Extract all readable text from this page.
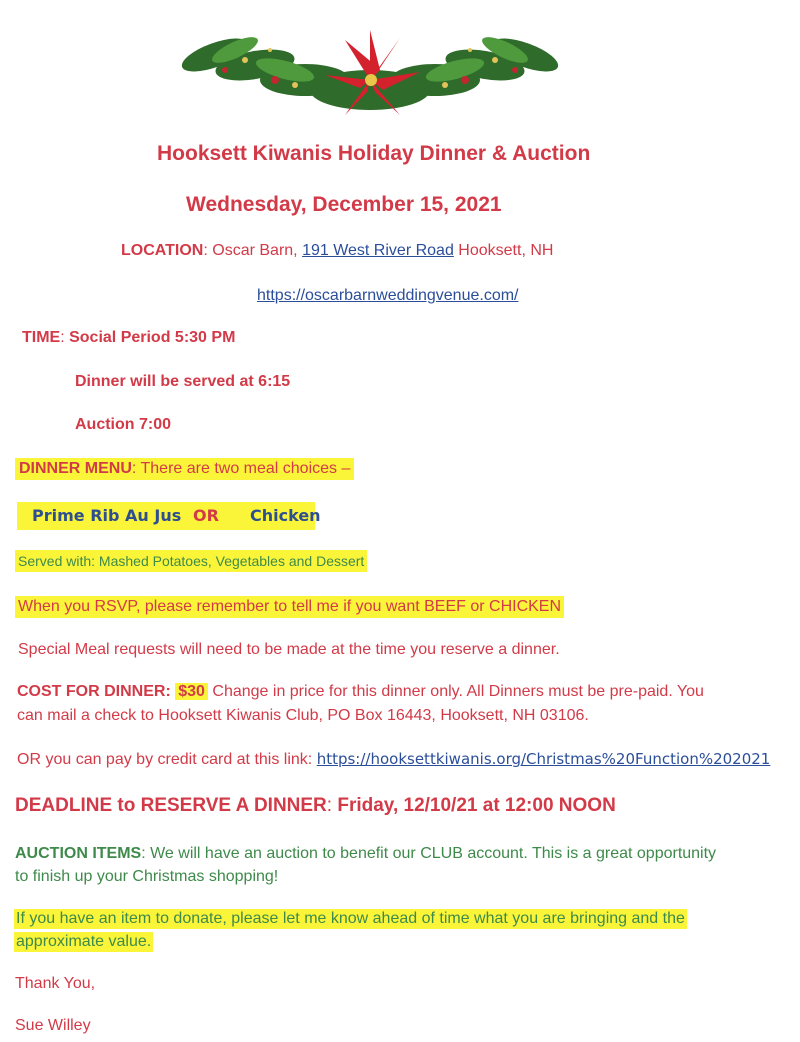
Hooksett Kiwanis Holiday Dinner & Auction
Wednesday, December 15, 2021
LOCATION: Oscar Barn, 191 West River Road Hooksett, NH
https://oscarbarnweddingvenue.com/
TIME: Social Period 5:30 PM
Dinner will be served at 6:15
Auction 7:00
DINNER MENU: There are two meal choices –
Prime Rib Au Jus OR Chicken
Served with: Mashed Potatoes, Vegetables and Dessert
When you RSVP, please remember to tell me if you want BEEF or CHICKEN
Special Meal requests will need to be made at the time you reserve a dinner.
COST FOR DINNER: $30 Change in price for this dinner only. All Dinners must be pre-paid. You
can mail a check to Hooksett Kiwanis Club, PO Box 16443, Hooksett, NH 03106.
OR you can pay by credit card at this link: https://hooksettkiwanis.org/Christmas%20Function%202021
DEADLINE to RESERVE A DINNER: Friday, 12/10/21 at 12:00 NOON
AUCTION ITEMS: We will have an auction to benefit our CLUB account. This is a great opportunity
to finish up your Christmas shopping!
If you have an item to donate, please let me know ahead of time what you are bringing and the
approximate value.
Thank You,
Sue Willey
